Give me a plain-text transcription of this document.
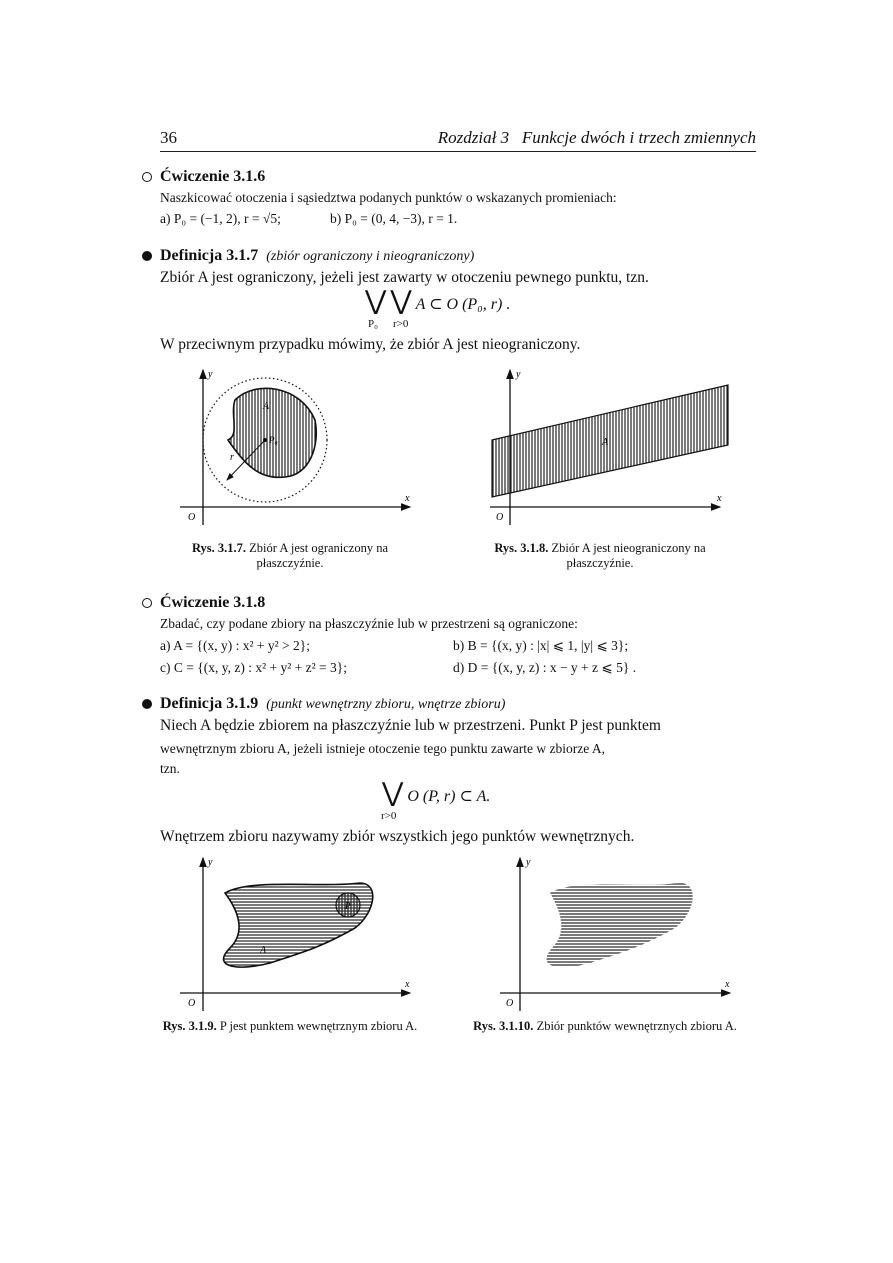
36	Rozdział 3 Funkcje dwóch i trzech zmiennych
Ćwiczenie 3.1.6
Naszkicować otoczenia i sąsiedztwa podanych punktów o wskazanych promieniach:
a) P₀ = (−1, 2), r = √5;	b) P₀ = (0, 4, −3), r = 1.
Definicja 3.1.7 (zbiór ograniczony i nieograniczony)
Zbiór A jest ograniczony, jeżeli jest zawarty w otoczeniu pewnego punktu, tzn.
⋁ ⋁ A ⊂ O (P₀, r) .
P₀ r>0
W przeciwnym przypadku mówimy, że zbiór A jest nieograniczony.
y
x
O
A
P₀
r
Rys. 3.1.7. Zbiór A jest ograniczony na płaszczyźnie.
y
x
O
A
Rys. 3.1.8. Zbiór A jest nieograniczony na płaszczyźnie.
Ćwiczenie 3.1.8
Zbadać, czy podane zbiory na płaszczyźnie lub w przestrzeni są ograniczone:
a) A = {(x, y) : x² + y² > 2};	b) B = {(x, y) : |x| ⩽ 1, |y| ⩽ 3};
c) C = {(x, y, z) : x² + y² + z² = 3};	d) D = {(x, y, z) : x − y + z ⩽ 5} .
Definicja 3.1.9 (punkt wewnętrzny zbioru, wnętrze zbioru)
Niech A będzie zbiorem na płaszczyźnie lub w przestrzeni. Punkt P jest punktem
wewnętrznym zbioru A, jeżeli istnieje otoczenie tego punktu zawarte w zbiorze A,
tzn.
⋁ O (P, r) ⊂ A.
r>0
Wnętrzem zbioru nazywamy zbiór wszystkich jego punktów wewnętrznych.
y
x
O
A
P
Rys. 3.1.9. P jest punktem wewnętrznym zbioru A.
y
x
O
Rys. 3.1.10. Zbiór punktów wewnętrznych zbioru A.
